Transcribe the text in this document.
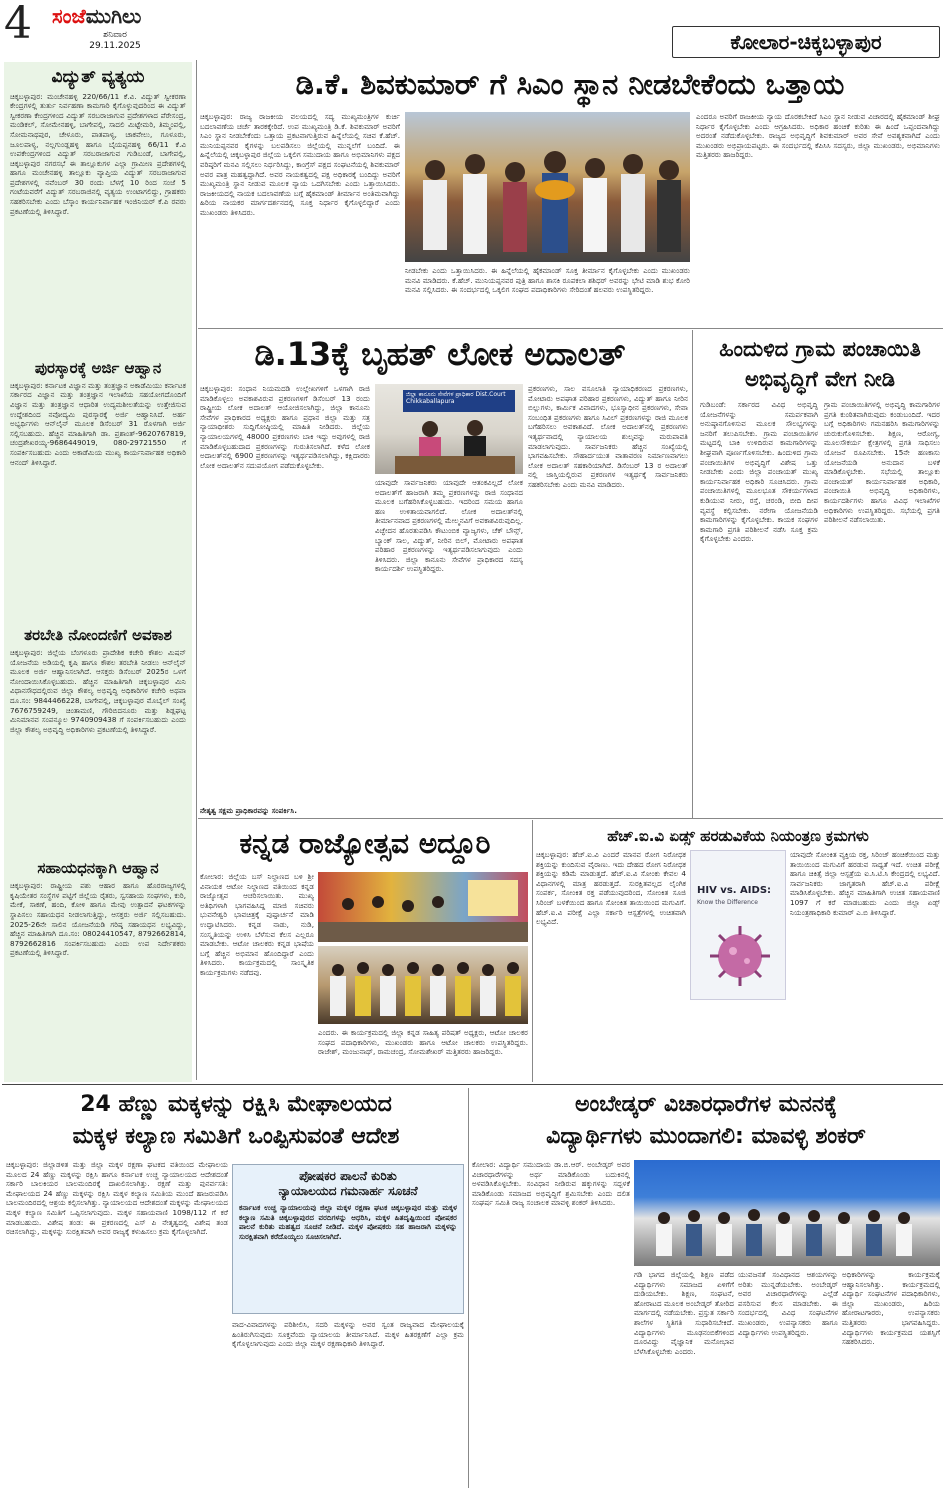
4	ಸಂಜೆಮುಗಿಲು
ಶನಿವಾರ
29.11.2025	ಕೋಲಾರ-ಚಿಕ್ಕಬಳ್ಳಾಪುರ
ವಿದ್ಯುತ್ ವ್ಯತ್ಯಯ
ಚಿಕ್ಕಬಳ್ಳಾಪುರ: ಮಂಚೇನಹಳ್ಳಿ 220/66/11 ಕೆ.ವಿ. ವಿದ್ಯುತ್ ಸ್ವೀಕರಣಾ ಕೇಂದ್ರಗಳಲ್ಲಿ ತುರ್ತು ನಿರ್ವಹಣಾ ಕಾಮಗಾರಿ ಕೈಗೊಳ್ಳುವುದರಿಂದ ಈ ವಿದ್ಯುತ್ ಸ್ವೀಕರಣಾ ಕೇಂದ್ರಗಳಿಂದ ವಿದ್ಯುತ್ ಸರಬರಾಜಾಗುವ ಪ್ರದೇಶಗಳಾದ ಪೆರೇಸಂದ್ರ, ಮಂಡಿಕಲ್, ಸೋಮೇನಹಳ್ಳಿ, ಬಾಗೇಪಲ್ಲಿ, ಸಾದಲಿ ಮಿಟ್ಟೇಮರಿ, ತಿಮ್ಮಂಪಲ್ಲಿ, ಸೋಮನಾಥಪುರ, ಚೇಳೂರು, ಪಾತಪಾಳ್ಯ, ಚಾಕವೇಲು, ಗೂಳೂರು, ಜೂಲಪಾಳ್ಯ, ನಲ್ಲಗುಂಡ್ಲಹಳ್ಳಿ ಹಾಗೂ ಬೈಯಪ್ಪನಹಳ್ಳಿ 66/11 ಕೆ.ವಿ ಉಪಕೇಂದ್ರಗಳಿಂದ ವಿದ್ಯುತ್ ಸರಬರಾಜಾಗುವ ಗುಡಿಬಂಡೆ, ಬಾಗೇಪಲ್ಲಿ, ಚಿಕ್ಕಬಳ್ಳಾಪುರ ನಗರಸಭೆ ಈ ತಾಲ್ಲೂಕುಗಳ ಎಲ್ಲಾ ಗ್ರಾಮೀಣ ಪ್ರದೇಶಗಳಲ್ಲಿ ಹಾಗೂ ಮಂಚೇನಹಳ್ಳಿ ತಾಲ್ಲೂಕು ವ್ಯಾಪ್ತಿಯ ವಿದ್ಯುತ್ ಸರಬರಾಜಾಗುವ ಪ್ರದೇಶಗಳಲ್ಲಿ ನವೆಂಬರ್ 30 ರಂದು ಬೆಳಗ್ಗೆ 10 ರಿಂದ ಸಂಜೆ 5 ಗಂಟೆಯವರೆಗೆ ವಿದ್ಯುತ್ ಸರಬರಾಜಿನಲ್ಲಿ ವ್ಯತ್ಯಯ ಉಂಟಾಗಲಿದ್ದು, ಗ್ರಾಹಕರು ಸಹಕರಿಸಬೇಕು ಎಂದು ಬೆಸ್ಕಾಂ ಕಾರ್ಯನಿರ್ವಾಹಕ ಇಂಜಿನಿಯರ್ ಕೆ.ಪಿ ರವರು ಪ್ರಕಟಣೆಯಲ್ಲಿ ತಿಳಿಸಿದ್ದಾರೆ.
ಪುರಸ್ಕಾರಕ್ಕೆ ಅರ್ಜಿ ಆಹ್ವಾನ
ಚಿಕ್ಕಬಳ್ಳಾಪುರ: ಕರ್ನಾಟಕ ವಿಜ್ಞಾನ ಮತ್ತು ತಂತ್ರಜ್ಞಾನ ಅಕಾಡೆಮಿಯು ಕರ್ನಾಟಕ ಸರ್ಕಾರದ ವಿಜ್ಞಾನ ಮತ್ತು ತಂತ್ರಜ್ಞಾನ ಇಲಾಖೆಯ ಸಹಯೋಗದೊಂದಿಗೆ ವಿಜ್ಞಾನ ಮತ್ತು ತಂತ್ರಜ್ಞಾನ ಆಧಾರಿತ ಉದ್ಯಮಶೀಲತೆಯನ್ನು ಉತ್ತೇಜಿಸುವ ಉದ್ದೇಶದಿಂದ ನವೋದ್ಯಮಿ ಪುರಸ್ಕಾರಕ್ಕೆ ಅರ್ಜಿ ಆಹ್ವಾನಿಸಿದೆ. ಅರ್ಹ ಅಭ್ಯರ್ಥಿಗಳು ಆನ್‌ಲೈನ್ ಮೂಲಕ ಡಿಸೆಂಬರ್ 31 ರೊಳಗಾಗಿ ಅರ್ಜಿ ಸಲ್ಲಿಸಬಹುದು. ಹೆಚ್ಚಿನ ಮಾಹಿತಿಗಾಗಿ ಡಾ. ಪ್ರಶಾಂತ್-9620767819, ಚಂದ್ರಶೇಖರಯ್ಯ-9686449019, 080-29721550 ಗೆ ಸಂಪರ್ಕಿಸಬಹುದು ಎಂದು ಅಕಾಡೆಮಿಯ ಮುಖ್ಯ ಕಾರ್ಯನಿರ್ವಾಹಕ ಅಧಿಕಾರಿ ಆನಂದ್ ತಿಳಿಸಿದ್ದಾರೆ.
ತರಬೇತಿ ನೋಂದಣಿಗೆ ಅವಕಾಶ
ಚಿಕ್ಕಬಳ್ಳಾಪುರ: ಜಿಲ್ಲೆಯ ಬೆಂಗಳೂರು ಪ್ರಾದೇಶಿಕ ಕಚೇರಿ ಕೌಶಲ ಮಿಷನ್ ಯೋಜನೆಯ ಅಡಿಯಲ್ಲಿ ಕೃಷಿ ಹಾಗೂ ಕೌಶಲ ತರಬೇತಿ ನೀಡಲು ಆನ್‌ಲೈನ್ ಮೂಲಕ ಅರ್ಜಿ ಆಹ್ವಾನಿಸಲಾಗಿದೆ. ಆಸಕ್ತರು ಡಿಸೆಂಬರ್ 2025ರ ಒಳಗೆ ನೋಂದಾಯಿಸಿಕೊಳ್ಳಬಹುದು. ಹೆಚ್ಚಿನ ಮಾಹಿತಿಗಾಗಿ ಚಿಕ್ಕಬಳ್ಳಾಪುರ ಮಿನಿ ವಿಧಾನಸೌಧದಲ್ಲಿರುವ ಜಿಲ್ಲಾ ಕೌಶಲ್ಯ ಅಭಿವೃದ್ಧಿ ಅಧಿಕಾರಿಗಳ ಕಚೇರಿ ಅಥವಾ ದೂ.ಸಂ: 9844466228, ಬಾಗೇಪಲ್ಲಿ, ಚಿಕ್ಕಬಳ್ಳಾಪುರ ಮೊಬೈಲ್ ಸಂಖ್ಯೆ 7676759249, ಚಿಂತಾಮಣಿ, ಗೌರಿಬಿದನೂರು ಮತ್ತು ಶಿಡ್ಲಘಟ್ಟ ಮಿನಿಮಾನವ ಸಂಪನ್ಮೂಲ 9740909438 ಗೆ ಸಂಪರ್ಕಿಸಬಹುದು ಎಂದು ಜಿಲ್ಲಾ ಕೌಶಲ್ಯ ಅಭಿವೃದ್ಧಿ ಅಧಿಕಾರಿಗಳು ಪ್ರಕಟಣೆಯಲ್ಲಿ ತಿಳಿಸಿದ್ದಾರೆ.
ಸಹಾಯಧನಕ್ಕಾಗಿ ಆಹ್ವಾನ
ಚಿಕ್ಕಬಳ್ಳಾಪುರ: ರಾಷ್ಟ್ರೀಯ ಪಶು ಆಹಾರ ಹಾಗೂ ಹೊರರಾಜ್ಯಗಳಲ್ಲಿ ಕೃಷಿಯೇತರ ಸಂಸ್ಥೆಗಳ ಪಟ್ಟಿಗೆ ಜಿಲ್ಲೆಯ ರೈತರು, ಸ್ವಸಹಾಯ ಸಂಘಗಳು, ಕುರಿ, ಮೇಕೆ, ಸಾಕಣೆ, ಹಂದಿ, ಕೋಳಿ ಹಾಗೂ ಮೇವು ಉತ್ಪಾದನೆ ಘಟಕಗಳನ್ನು ಸ್ಥಾಪಿಸಲು ಸಹಾಯಧನ ನೀಡಲಾಗುತ್ತಿದ್ದು, ಆಸಕ್ತರು ಅರ್ಜಿ ಸಲ್ಲಿಸಬಹುದು. 2025-26ನೇ ಸಾಲಿನ ಯೋಜನೆಯಡಿ ಗರಿಷ್ಠ ಸಹಾಯಧನ ಲಭ್ಯವಿದ್ದು, ಹೆಚ್ಚಿನ ಮಾಹಿತಿಗಾಗಿ ದೂ.ಸಂ: 08024410547, 8792662814, 8792662816 ಸಂಪರ್ಕಿಸಬಹುದು ಎಂದು ಉಪ ನಿರ್ದೇಶಕರು ಪ್ರಕಟಣೆಯಲ್ಲಿ ತಿಳಿಸಿದ್ದಾರೆ.
ಡಿ.ಕೆ. ಶಿವಕುಮಾರ್ ಗೆ ಸಿಎಂ ಸ್ಥಾನ ನೀಡಬೇಕೆಂದು ಒತ್ತಾಯ
ಚಿಕ್ಕಬಳ್ಳಾಪುರ: ರಾಜ್ಯ ರಾಜಕೀಯ ವಲಯದಲ್ಲಿ ಸದ್ಯ ಮುಖ್ಯಮಂತ್ರಿಗಳ ಕುರ್ಚಿ ಬದಲಾವಣೆಯ ಚರ್ಚೆ ತಾರಕಕ್ಕೇರಿದೆ. ಉಪ ಮುಖ್ಯಮಂತ್ರಿ ಡಿ.ಕೆ. ಶಿವಕುಮಾರ್ ಅವರಿಗೆ ಸಿಎಂ ಸ್ಥಾನ ನೀಡಬೇಕೆಂದು ಒತ್ತಾಯ ಪ್ರಕಟವಾಗುತ್ತಿರುವ ಹಿನ್ನೆಲೆಯಲ್ಲಿ ಸಚಿವ ಕೆ.ಹೆಚ್. ಮುನಿಯಪ್ಪನವರ ಕೈಗಳನ್ನು ಬಲಪಡಿಸಲು ಜಿಲ್ಲೆಯಲ್ಲಿ ಮುನ್ನಲೆಗೆ ಬಂದಿದೆ. ಈ ಹಿನ್ನೆಲೆಯಲ್ಲಿ ಚಿಕ್ಕಬಳ್ಳಾಪುರ ಜಿಲ್ಲೆಯ ಒಕ್ಕಲಿಗ ಸಮುದಾಯ ಹಾಗೂ ಅಭಿಮಾನಿಗಳು ಪಕ್ಷದ ವರಿಷ್ಠರಿಗೆ ಮನವಿ ಸಲ್ಲಿಸಲು ನಿರ್ಧರಿಸಿದ್ದು, ಕಾಂಗ್ರೆಸ್ ಪಕ್ಷದ ಸಂಘಟನೆಯಲ್ಲಿ ಶಿವಕುಮಾರ್ ಅವರ ಪಾತ್ರ ಮಹತ್ವದ್ದಾಗಿದೆ. ಅವರ ನಾಯಕತ್ವದಲ್ಲಿ ಪಕ್ಷ ಅಧಿಕಾರಕ್ಕೆ ಬಂದಿದ್ದು ಅವರಿಗೆ ಮುಖ್ಯಮಂತ್ರಿ ಸ್ಥಾನ ನೀಡುವ ಮೂಲಕ ನ್ಯಾಯ ಒದಗಿಸಬೇಕು ಎಂದು ಒತ್ತಾಯಿಸಿದರು. ರಾಜಕೀಯದಲ್ಲಿ ನಾಯಕ ಬದಲಾವಣೆಯ ಬಗ್ಗೆ ಹೈಕಮಾಂಡ್ ತೀರ್ಮಾನ ಅಂತಿಮವಾಗಿದ್ದು ಹಿರಿಯ ನಾಯಕರ ಮಾರ್ಗದರ್ಶನದಲ್ಲಿ ಸೂಕ್ತ ನಿರ್ಧಾರ ಕೈಗೊಳ್ಳಲಿದ್ದಾರೆ ಎಂದು ಮುಖಂಡರು ತಿಳಿಸಿದರು.
ನೀಡಬೇಕು ಎಂದು ಒತ್ತಾಯಿಸಿದರು. ಈ ಹಿನ್ನೆಲೆಯಲ್ಲಿ ಹೈಕಮಾಂಡ್ ಸೂಕ್ತ ತೀರ್ಮಾನ ಕೈಗೊಳ್ಳಬೇಕು ಎಂದು ಮುಖಂಡರು ಮನವಿ ಮಾಡಿದರು. ಕೆ.ಹೆಚ್. ಮುನಿಯಪ್ಪನವರ ಪುತ್ರಿ ಹಾಗೂ ಶಾಸಕಿ ರೂಪಕಲಾ ಶಶಿಧರ್ ಅವರನ್ನು ಭೇಟಿ ಮಾಡಿ ಶುಭ ಕೋರಿ ಮನವಿ ಸಲ್ಲಿಸಿದರು. ಈ ಸಂದರ್ಭದಲ್ಲಿ ಒಕ್ಕಲಿಗ ಸಂಘದ ಪದಾಧಿಕಾರಿಗಳು ಸೇರಿದಂತೆ ಹಲವರು ಉಪಸ್ಥಿತರಿದ್ದರು.
ಎಂದರೂ ಅವರಿಗೆ ರಾಜಕೀಯ ನ್ಯಾಯ ದೊರಕಬೇಕಿದೆ ಸಿಎಂ ಸ್ಥಾನ ನೀಡುವ ವಿಚಾರದಲ್ಲಿ ಹೈಕಮಾಂಡ್ ಶೀಘ್ರ ನಿರ್ಧಾರ ಕೈಗೊಳ್ಳಬೇಕು ಎಂದು ಆಗ್ರಹಿಸಿದರು. ಅಧಿಕಾರ ಹಂಚಿಕೆ ಕುರಿತು ಈ ಹಿಂದೆ ಒಪ್ಪಂದವಾಗಿದ್ದು ಅದರಂತೆ ನಡೆದುಕೊಳ್ಳಬೇಕು. ರಾಜ್ಯದ ಅಭಿವೃದ್ಧಿಗೆ ಶಿವಕುಮಾರ್ ಅವರ ಸೇವೆ ಅವಶ್ಯಕವಾಗಿದೆ ಎಂದು ಮುಖಂಡರು ಅಭಿಪ್ರಾಯಪಟ್ಟರು. ಈ ಸಂದರ್ಭದಲ್ಲಿ ಕೆಪಿಸಿಸಿ ಸದಸ್ಯರು, ಜಿಲ್ಲಾ ಮುಖಂಡರು, ಅಭಿಮಾನಿಗಳು ಮತ್ತಿತರರು ಹಾಜರಿದ್ದರು.
ಡಿ.13ಕ್ಕೆ ಬೃಹತ್ ಲೋಕ ಅದಾಲತ್
ಚಿಕ್ಕಬಳ್ಳಾಪುರ: ಸಂಧಾನ ನಿಯಮದಡಿ ಉಲ್ಲೇಖಗಳಿಗೆ ಒಳಗಾಗಿ ರಾಜಿ ಮಾಡಿಕೊಳ್ಳಲು ಅವಕಾಶವಿರುವ ಪ್ರಕರಣಗಳಿಗೆ ಡಿಸೆಂಬರ್ 13 ರಂದು ರಾಷ್ಟ್ರೀಯ ಲೋಕ ಅದಾಲತ್ ಆಯೋಜಿಸಲಾಗಿದ್ದು, ಜಿಲ್ಲಾ ಕಾನೂನು ಸೇವೆಗಳ ಪ್ರಾಧಿಕಾರದ ಅಧ್ಯಕ್ಷರು ಹಾಗೂ ಪ್ರಧಾನ ಜಿಲ್ಲಾ ಮತ್ತು ಸತ್ರ ನ್ಯಾಯಾಧೀಶರು ಸುದ್ದಿಗೋಷ್ಠಿಯಲ್ಲಿ ಮಾಹಿತಿ ನೀಡಿದರು. ಜಿಲ್ಲೆಯ ನ್ಯಾಯಾಲಯಗಳಲ್ಲಿ 48000 ಪ್ರಕರಣಗಳು ಬಾಕಿ ಇದ್ದು ಅವುಗಳಲ್ಲಿ ರಾಜಿ ಮಾಡಿಕೊಳ್ಳಬಹುದಾದ ಪ್ರಕರಣಗಳನ್ನು ಗುರುತಿಸಲಾಗಿದೆ. ಕಳೆದ ಲೋಕ ಅದಾಲತ್‌ನಲ್ಲಿ 6900 ಪ್ರಕರಣಗಳನ್ನು ಇತ್ಯರ್ಥಪಡಿಸಲಾಗಿದ್ದು, ಕಕ್ಷಿದಾರರು ಲೋಕ ಅದಾಲತ್‌ನ ಸದುಪಯೋಗ ಪಡೆದುಕೊಳ್ಳಬೇಕು.
ಜಿಲ್ಲಾ ಕಾನೂನು ಸೇವೆಗಳ ಪ್ರಾಧಿಕಾರ Dist.Court Chikkaballapura
ಯಾವುದೇ ಸಾರ್ವಜನಿಕರು ಯಾವುದೇ ಆತಂಕವಿಲ್ಲದೆ ಲೋಕ ಅದಾಲತ್‌ಗೆ ಹಾಜರಾಗಿ ತಮ್ಮ ಪ್ರಕರಣಗಳನ್ನು ರಾಜಿ ಸಂಧಾನದ ಮೂಲಕ ಬಗೆಹರಿಸಿಕೊಳ್ಳಬಹುದು. ಇದರಿಂದ ಸಮಯ ಹಾಗೂ ಹಣ ಉಳಿತಾಯವಾಗಲಿದೆ. ಲೋಕ ಅದಾಲತ್‌ನಲ್ಲಿ ತೀರ್ಮಾನವಾದ ಪ್ರಕರಣಗಳಲ್ಲಿ ಮೇಲ್ಮನವಿಗೆ ಅವಕಾಶವಿರುವುದಿಲ್ಲ. ವಿಚ್ಛೇದನ ಹೊರತುಪಡಿಸಿ ಕೌಟುಂಬಿಕ ವ್ಯಾಜ್ಯಗಳು, ಚೆಕ್ ಬೌನ್ಸ್, ಬ್ಯಾಂಕ್ ಸಾಲ, ವಿದ್ಯುತ್, ನೀರಿನ ಬಿಲ್, ಮೋಟಾರು ಅಪಘಾತ ಪರಿಹಾರ ಪ್ರಕರಣಗಳನ್ನು ಇತ್ಯರ್ಥಪಡಿಸಲಾಗುವುದು ಎಂದು ತಿಳಿಸಿದರು. ಜಿಲ್ಲಾ ಕಾನೂನು ಸೇವೆಗಳ ಪ್ರಾಧಿಕಾರದ ಸದಸ್ಯ ಕಾರ್ಯದರ್ಶಿ ಉಪಸ್ಥಿತರಿದ್ದರು.
ಪ್ರಕರಣಗಳು, ಸಾಲ ವಸೂಲಾತಿ ನ್ಯಾಯಾಧಿಕರಣದ ಪ್ರಕರಣಗಳು, ಮೋಟಾರು ಅಪಘಾತ ಪರಿಹಾರ ಪ್ರಕರಣಗಳು, ವಿದ್ಯುತ್ ಹಾಗೂ ನೀರಿನ ಬಿಲ್ಲುಗಳು, ಕಾರ್ಮಿಕ ವಿವಾದಗಳು, ಭೂಸ್ವಾಧೀನ ಪ್ರಕರಣಗಳು, ಸೇವಾ ಸಂಬಂಧಿತ ಪ್ರಕರಣಗಳು ಹಾಗೂ ಸಿವಿಲ್ ಪ್ರಕರಣಗಳನ್ನು ರಾಜಿ ಮೂಲಕ ಬಗೆಹರಿಸಲು ಅವಕಾಶವಿದೆ. ಲೋಕ ಅದಾಲತ್‌ನಲ್ಲಿ ಪ್ರಕರಣಗಳು ಇತ್ಯರ್ಥವಾದಲ್ಲಿ ನ್ಯಾಯಾಲಯ ಶುಲ್ಕವನ್ನು ಮರುಪಾವತಿ ಮಾಡಲಾಗುವುದು. ಸಾರ್ವಜನಿಕರು ಹೆಚ್ಚಿನ ಸಂಖ್ಯೆಯಲ್ಲಿ ಭಾಗವಹಿಸಬೇಕು. ಸೌಹಾರ್ದಯುತ ವಾತಾವರಣ ನಿರ್ಮಾಣವಾಗಲು ಲೋಕ ಅದಾಲತ್ ಸಹಕಾರಿಯಾಗಿದೆ. ಡಿಸೆಂಬರ್ 13 ರ ಅದಾಲತ್ ನಲ್ಲಿ ಜಾಸ್ತಿಯಲ್ಲಿರುವ ಪ್ರಕರಣಗಳ ಇತ್ಯರ್ಥಕ್ಕೆ ಸಾರ್ವಜನಿಕರು ಸಹಕರಿಸಬೇಕು ಎಂದು ಮನವಿ ಮಾಡಿದರು.
ನೇತೃತ್ವ ಸಕ್ಷಮ ಪ್ರಾಧಿಕಾರವನ್ನು ಸಂಪರ್ಕಿಸಿ.
ಹಿಂದುಳಿದ ಗ್ರಾಮ ಪಂಚಾಯಿತಿ ಅಭಿವೃದ್ಧಿಗೆ ವೇಗ ನೀಡಿ
ಗುಡಿಬಂಡೆ: ಸರ್ಕಾರದ ವಿವಿಧ ಅಭಿವೃದ್ಧಿ ಯೋಜನೆಗಳನ್ನು ಸಮರ್ಪಕವಾಗಿ ಅನುಷ್ಠಾನಗೊಳಿಸುವ ಮೂಲಕ ಸೌಲಭ್ಯಗಳನ್ನು ಜನರಿಗೆ ತಲುಪಿಸಬೇಕು. ಗ್ರಾಮ ಪಂಚಾಯಿತಿಗಳ ಮಟ್ಟದಲ್ಲಿ ಬಾಕಿ ಉಳಿದಿರುವ ಕಾಮಗಾರಿಗಳನ್ನು ಶೀಘ್ರವಾಗಿ ಪೂರ್ಣಗೊಳಿಸಬೇಕು. ಹಿಂದುಳಿದ ಗ್ರಾಮ ಪಂಚಾಯಿತಿಗಳ ಅಭಿವೃದ್ಧಿಗೆ ವಿಶೇಷ ಒತ್ತು ನೀಡಬೇಕು ಎಂದು ಜಿಲ್ಲಾ ಪಂಚಾಯತ್ ಮುಖ್ಯ ಕಾರ್ಯನಿರ್ವಾಹಕ ಅಧಿಕಾರಿ ಸೂಚಿಸಿದರು. ಗ್ರಾಮ ಪಂಚಾಯಿತಿಗಳಲ್ಲಿ ಮೂಲಭೂತ ಸೌಕರ್ಯಗಳಾದ ಕುಡಿಯುವ ನೀರು, ರಸ್ತೆ, ಚರಂಡಿ, ಬೀದಿ ದೀಪ ವ್ಯವಸ್ಥೆ ಕಲ್ಪಿಸಬೇಕು. ನರೇಗಾ ಯೋಜನೆಯಡಿ ಕಾಮಗಾರಿಗಳನ್ನು ಕೈಗೊಳ್ಳಬೇಕು. ಕಾಯಕ ಸಂಘಗಳ ಕಾಮಗಾರಿ ಪ್ರಗತಿ ಪರಿಶೀಲನೆ ನಡೆಸಿ ಸೂಕ್ತ ಕ್ರಮ ಕೈಗೊಳ್ಳಬೇಕು ಎಂದರು.
ಗ್ರಾಮ ಪಂಚಾಯಿತಿಗಳಲ್ಲಿ ಅಭಿವೃದ್ಧಿ ಕಾಮಗಾರಿಗಳ ಪ್ರಗತಿ ಕುಂಠಿತವಾಗಿರುವುದು ಕಂಡುಬಂದಿದೆ. ಇದರ ಬಗ್ಗೆ ಅಧಿಕಾರಿಗಳು ಗಮನಹರಿಸಿ ಕಾಮಗಾರಿಗಳನ್ನು ಚುರುಕುಗೊಳಿಸಬೇಕು. ಶಿಕ್ಷಣ, ಆರೋಗ್ಯ, ಮೂಲಸೌಕರ್ಯ ಕ್ಷೇತ್ರಗಳಲ್ಲಿ ಪ್ರಗತಿ ಸಾಧಿಸಲು ಯೋಜನೆ ರೂಪಿಸಬೇಕು. 15ನೇ ಹಣಕಾಸು ಯೋಜನೆಯಡಿ ಅನುದಾನ ಬಳಕೆ ಮಾಡಿಕೊಳ್ಳಬೇಕು. ಸಭೆಯಲ್ಲಿ ತಾಲ್ಲೂಕು ಪಂಚಾಯತ್ ಕಾರ್ಯನಿರ್ವಾಹಕ ಅಧಿಕಾರಿ, ಪಂಚಾಯಿತಿ ಅಭಿವೃದ್ಧಿ ಅಧಿಕಾರಿಗಳು, ಕಾರ್ಯದರ್ಶಿಗಳು ಹಾಗೂ ವಿವಿಧ ಇಲಾಖೆಗಳ ಅಧಿಕಾರಿಗಳು ಉಪಸ್ಥಿತರಿದ್ದರು. ಸಭೆಯಲ್ಲಿ ಪ್ರಗತಿ ಪರಿಶೀಲನೆ ನಡೆಸಲಾಯಿತು.
ಕನ್ನಡ ರಾಜ್ಯೋತ್ಸವ ಅದ್ದೂರಿ
ಕೋಲಾರ: ಜಿಲ್ಲೆಯ ಬಸ್ ನಿಲ್ದಾಣದ ಬಳಿ ಶ್ರೀ ವಿನಾಯಕ ಆಟೋ ನಿಲ್ದಾಣದ ವತಿಯಿಂದ ಕನ್ನಡ ರಾಜ್ಯೋತ್ಸವ ಆಚರಿಸಲಾಯಿತು. ಮುಖ್ಯ ಅತಿಥಿಗಳಾಗಿ ಭಾಗವಹಿಸಿದ್ದ ಮಾಜಿ ಸಚಿವರು ಭುವನೇಶ್ವರಿ ಭಾವಚಿತ್ರಕ್ಕೆ ಪುಷ್ಪಾರ್ಚನೆ ಮಾಡಿ ಉದ್ಘಾಟಿಸಿದರು. ಕನ್ನಡ ನಾಡು, ನುಡಿ, ಸಂಸ್ಕೃತಿಯನ್ನು ಉಳಿಸಿ ಬೆಳೆಸುವ ಕೆಲಸ ಎಲ್ಲರೂ ಮಾಡಬೇಕು. ಆಟೋ ಚಾಲಕರು ಕನ್ನಡ ಭಾಷೆಯ ಬಗ್ಗೆ ಹೆಚ್ಚಿನ ಅಭಿಮಾನ ಹೊಂದಿದ್ದಾರೆ ಎಂದು ತಿಳಿಸಿದರು. ಕಾರ್ಯಕ್ರಮದಲ್ಲಿ ಸಾಂಸ್ಕೃತಿಕ ಕಾರ್ಯಕ್ರಮಗಳು ನಡೆದವು.
ಎಂದರು. ಈ ಕಾರ್ಯಕ್ರಮದಲ್ಲಿ ಜಿಲ್ಲಾ ಕನ್ನಡ ಸಾಹಿತ್ಯ ಪರಿಷತ್ ಅಧ್ಯಕ್ಷರು, ಆಟೋ ಚಾಲಕರ ಸಂಘದ ಪದಾಧಿಕಾರಿಗಳು, ಮುಖಂಡರು ಹಾಗೂ ಆಟೋ ಚಾಲಕರು ಉಪಸ್ಥಿತರಿದ್ದರು. ರಾಜೇಶ್, ಮಂಜುನಾಥ್, ರಾಮಚಂದ್ರ, ಸೋಮಶೇಖರ್ ಮತ್ತಿತರರು ಹಾಜರಿದ್ದರು.
ಹೆಚ್.ಐ.ವಿ ಏಡ್ಸ್ ಹರಡುವಿಕೆಯ ನಿಯಂತ್ರಣ ಕ್ರಮಗಳು
ಚಿಕ್ಕಬಳ್ಳಾಪುರ: ಹೆಚ್.ಐ.ವಿ ಎಂದರೆ ಮಾನವ ರೋಗ ನಿರೋಧಕ ಶಕ್ತಿಯನ್ನು ಕುಂದಿಸುವ ವೈರಾಣು. ಇದು ದೇಹದ ರೋಗ ನಿರೋಧಕ ಶಕ್ತಿಯನ್ನು ಕಡಿಮೆ ಮಾಡುತ್ತದೆ. ಹೆಚ್.ಐ.ವಿ ಸೋಂಕು ಕೇವಲ 4 ವಿಧಾನಗಳಲ್ಲಿ ಮಾತ್ರ ಹರಡುತ್ತದೆ. ಸುರಕ್ಷಿತವಲ್ಲದ ಲೈಂಗಿಕ ಸಂಪರ್ಕ, ಸೋಂಕಿತ ರಕ್ತ ಪಡೆಯುವುದರಿಂದ, ಸೋಂಕಿತ ಸೂಜಿ ಸಿರಿಂಜ್ ಬಳಕೆಯಿಂದ ಹಾಗೂ ಸೋಂಕಿತ ತಾಯಿಯಿಂದ ಮಗುವಿಗೆ. ಹೆಚ್.ಐ.ವಿ ಪರೀಕ್ಷೆ ಎಲ್ಲಾ ಸರ್ಕಾರಿ ಆಸ್ಪತ್ರೆಗಳಲ್ಲಿ ಉಚಿತವಾಗಿ ಲಭ್ಯವಿದೆ.
HIV vs. AIDS:
Know the Difference
ಯಾವುದೇ ಸೋಂಕಿತ ವ್ಯಕ್ತಿಯ ರಕ್ತ, ಸಿರಿಂಜ್ ಹಂಚಿಕೆಯಿಂದ ಮತ್ತು ತಾಯಿಯಿಂದ ಮಗುವಿಗೆ ಹರಡುವ ಸಾಧ್ಯತೆ ಇದೆ. ಉಚಿತ ಪರೀಕ್ಷೆ ಹಾಗೂ ಚಿಕಿತ್ಸೆ ಜಿಲ್ಲಾ ಆಸ್ಪತ್ರೆಯ ಐ.ಸಿ.ಟಿ.ಸಿ ಕೇಂದ್ರದಲ್ಲಿ ಲಭ್ಯವಿದೆ. ಸಾರ್ವಜನಿಕರು ಜಾಗೃತರಾಗಿ ಹೆಚ್.ಐ.ವಿ ಪರೀಕ್ಷೆ ಮಾಡಿಸಿಕೊಳ್ಳಬೇಕು. ಹೆಚ್ಚಿನ ಮಾಹಿತಿಗಾಗಿ ಉಚಿತ ಸಹಾಯವಾಣಿ 1097 ಗೆ ಕರೆ ಮಾಡಬಹುದು ಎಂದು ಜಿಲ್ಲಾ ಏಡ್ಸ್ ನಿಯಂತ್ರಣಾಧಿಕಾರಿ ಕುಮಾರ್ ಎ.ಬಿ ತಿಳಿಸಿದ್ದಾರೆ.
24 ಹೆಣ್ಣು ಮಕ್ಕಳನ್ನು ರಕ್ಷಿಸಿ ಮೇಘಾಲಯದ
ಮಕ್ಕಳ ಕಲ್ಯಾಣ ಸಮಿತಿಗೆ ಒಂಪ್ಪಿಸುವಂತೆ ಆದೇಶ
ಚಿಕ್ಕಬಳ್ಳಾಪುರ: ಜಿಲ್ಲಾಡಳಿತ ಮತ್ತು ಜಿಲ್ಲಾ ಮಕ್ಕಳ ರಕ್ಷಣಾ ಘಟಕದ ವತಿಯಿಂದ ಮೇಘಾಲಯ ಮೂಲದ 24 ಹೆಣ್ಣು ಮಕ್ಕಳನ್ನು ರಕ್ಷಿಸಿ ಹಾಗೂ ಕರ್ನಾಟಕ ಉಚ್ಚ ನ್ಯಾಯಾಲಯದ ಆದೇಶದಂತೆ ಸರ್ಕಾರಿ ಬಾಲಕಿಯರ ಬಾಲಮಂದಿರಕ್ಕೆ ದಾಖಲಿಸಲಾಗಿತ್ತು. ರಕ್ಷಣೆ ಮತ್ತು ಪುನರ್ವಸತಿ: ಮೇಘಾಲಯದ 24 ಹೆಣ್ಣು ಮಕ್ಕಳನ್ನು ರಕ್ಷಿಸಿ ಮಕ್ಕಳ ಕಲ್ಯಾಣ ಸಮಿತಿಯ ಮುಂದೆ ಹಾಜರುಪಡಿಸಿ ಬಾಲಮಂದಿರದಲ್ಲಿ ಆಶ್ರಯ ಕಲ್ಪಿಸಲಾಗಿತ್ತು. ನ್ಯಾಯಾಲಯದ ಆದೇಶದಂತೆ ಮಕ್ಕಳನ್ನು ಮೇಘಾಲಯದ ಮಕ್ಕಳ ಕಲ್ಯಾಣ ಸಮಿತಿಗೆ ಒಪ್ಪಿಸಲಾಗುವುದು. ಮಕ್ಕಳ ಸಹಾಯವಾಣಿ 1098/112 ಗೆ ಕರೆ ಮಾಡಬಹುದು. ವಿಶೇಷ ತಂಡ: ಈ ಪ್ರಕರಣದಲ್ಲಿ ಎಸ್ ಪಿ ನೇತೃತ್ವದಲ್ಲಿ ವಿಶೇಷ ತಂಡ ರಚಿಸಲಾಗಿದ್ದು, ಮಕ್ಕಳನ್ನು ಸುರಕ್ಷಿತವಾಗಿ ಅವರ ರಾಜ್ಯಕ್ಕೆ ಕಳುಹಿಸಲು ಕ್ರಮ ಕೈಗೊಳ್ಳಲಾಗಿದೆ.
ಪೋಷಕರ ಪಾಲನೆ ಕುರಿತು
ನ್ಯಾಯಾಲಯದ ಗಮನಾರ್ಹ ಸೂಚನೆ
ಕರ್ನಾಟಕ ಉಚ್ಚ ನ್ಯಾಯಾಲಯವು ಜಿಲ್ಲಾ ಮಕ್ಕಳ ರಕ್ಷಣಾ ಘಟಕ ಚಿಕ್ಕಬಳ್ಳಾಪುರ ಮತ್ತು ಮಕ್ಕಳ ಕಲ್ಯಾಣ ಸಮಿತಿ ಚಿಕ್ಕಬಳ್ಳಾಪುರದ ವರದಿಗಳನ್ನು ಆಧರಿಸಿ, ಮಕ್ಕಳ ಹಿತದೃಷ್ಟಿಯಿಂದ ಪೋಷಕರ ಪಾಲನೆ ಕುರಿತು ಮಹತ್ವದ ಸೂಚನೆ ನೀಡಿದೆ. ಮಕ್ಕಳ ಪೋಷಕರು ಸಹ ಹಾಜರಾಗಿ ಮಕ್ಕಳನ್ನು ಸುರಕ್ಷಿತವಾಗಿ ಕರೆದೊಯ್ಯಲು ಸೂಚಿಸಲಾಗಿದೆ.
ವಾದ-ವಿವಾದಗಳನ್ನು ಪರಿಶೀಲಿಸಿ, ಸದರಿ ಮಕ್ಕಳನ್ನು ಅವರ ಸ್ವಂತ ರಾಜ್ಯವಾದ ಮೇಘಾಲಯಕ್ಕೆ ಹಿಂತಿರುಗಿಸುವುದು ಸೂಕ್ತವೆಂದು ನ್ಯಾಯಾಲಯ ತೀರ್ಮಾನಿಸಿದೆ. ಮಕ್ಕಳ ಹಿತರಕ್ಷಣೆಗೆ ಎಲ್ಲಾ ಕ್ರಮ ಕೈಗೊಳ್ಳಲಾಗುವುದು ಎಂದು ಜಿಲ್ಲಾ ಮಕ್ಕಳ ರಕ್ಷಣಾಧಿಕಾರಿ ತಿಳಿಸಿದ್ದಾರೆ.
ಅಂಬೇಡ್ಕರ್ ವಿಚಾರಧಾರೆಗಳ ಮನನಕ್ಕೆ
ವಿದ್ಯಾರ್ಥಿಗಳು ಮುಂದಾಗಲಿ: ಮಾವಳ್ಳಿ ಶಂಕರ್
ಕೋಲಾರ: ವಿದ್ಯಾರ್ಥಿ ಸಮುದಾಯ ಡಾ.ಬಿ.ಆರ್. ಅಂಬೇಡ್ಕರ್ ಅವರ ವಿಚಾರಧಾರೆಗಳನ್ನು ಅರ್ಥ ಮಾಡಿಕೊಂಡು ಬದುಕಿನಲ್ಲಿ ಅಳವಡಿಸಿಕೊಳ್ಳಬೇಕು. ಸಂವಿಧಾನ ನೀಡಿರುವ ಹಕ್ಕುಗಳನ್ನು ಸದ್ಬಳಕೆ ಮಾಡಿಕೊಂಡು ಸಮಾಜದ ಅಭಿವೃದ್ಧಿಗೆ ಶ್ರಮಿಸಬೇಕು ಎಂದು ದಲಿತ ಸಂಘರ್ಷ ಸಮಿತಿ ರಾಜ್ಯ ಸಂಚಾಲಕ ಮಾವಳ್ಳಿ ಶಂಕರ್ ತಿಳಿಸಿದರು.
ಗಡಿ ಭಾಗದ ಜಿಲ್ಲೆಯಲ್ಲಿ ಶಿಕ್ಷಣ ಪಡೆದ ವಿದ್ಯಾರ್ಥಿಗಳು ಸಮಾಜದ ಏಳಿಗೆಗೆ ದುಡಿಯಬೇಕು. ಶಿಕ್ಷಣ, ಸಂಘಟನೆ, ಹೋರಾಟದ ಮೂಲಕ ಅಂಬೇಡ್ಕರ್ ತೋರಿದ ಮಾರ್ಗದಲ್ಲಿ ನಡೆಯಬೇಕು. ಪ್ರಸ್ತುತ ಸರ್ಕಾರಿ ಶಾಲೆಗಳ ಸ್ಥಿತಿಗತಿ ಸುಧಾರಿಸಬೇಕಿದೆ. ವಿದ್ಯಾರ್ಥಿಗಳು ಮೂಢನಂಬಿಕೆಗಳಿಂದ ದೂರವಿದ್ದು ವೈಜ್ಞಾನಿಕ ಮನೋಭಾವ ಬೆಳೆಸಿಕೊಳ್ಳಬೇಕು ಎಂದರು.
ಯುವಜನತೆ ಸಂವಿಧಾನದ ಆಶಯಗಳನ್ನು ಅರಿತು ಮುನ್ನಡೆಯಬೇಕು. ಅಂಬೇಡ್ಕರ್ ಅವರ ವಿಚಾರಧಾರೆಗಳನ್ನು ಎಲ್ಲೆಡೆ ಪಸರಿಸುವ ಕೆಲಸ ಮಾಡಬೇಕು. ಈ ಸಂದರ್ಭದಲ್ಲಿ ವಿವಿಧ ಸಂಘಟನೆಗಳ ಮುಖಂಡರು, ಉಪನ್ಯಾಸಕರು ಹಾಗೂ ವಿದ್ಯಾರ್ಥಿಗಳು ಉಪಸ್ಥಿತರಿದ್ದರು.
ಅಧಿಕಾರಿಗಳನ್ನು ಕಾರ್ಯಕ್ರಮಕ್ಕೆ ಆಹ್ವಾನಿಸಲಾಗಿತ್ತು. ಕಾರ್ಯಕ್ರಮದಲ್ಲಿ ವಿದ್ಯಾರ್ಥಿ ಸಂಘಟನೆಗಳ ಪದಾಧಿಕಾರಿಗಳು, ಜಿಲ್ಲಾ ಮುಖಂಡರು, ಹಿರಿಯ ಹೋರಾಟಗಾರರು, ಉಪನ್ಯಾಸಕರು ಮತ್ತಿತರರು ಭಾಗವಹಿಸಿದ್ದರು. ವಿದ್ಯಾರ್ಥಿಗಳು ಕಾರ್ಯಕ್ರಮದ ಯಶಸ್ಸಿಗೆ ಸಹಕರಿಸಿದರು.
